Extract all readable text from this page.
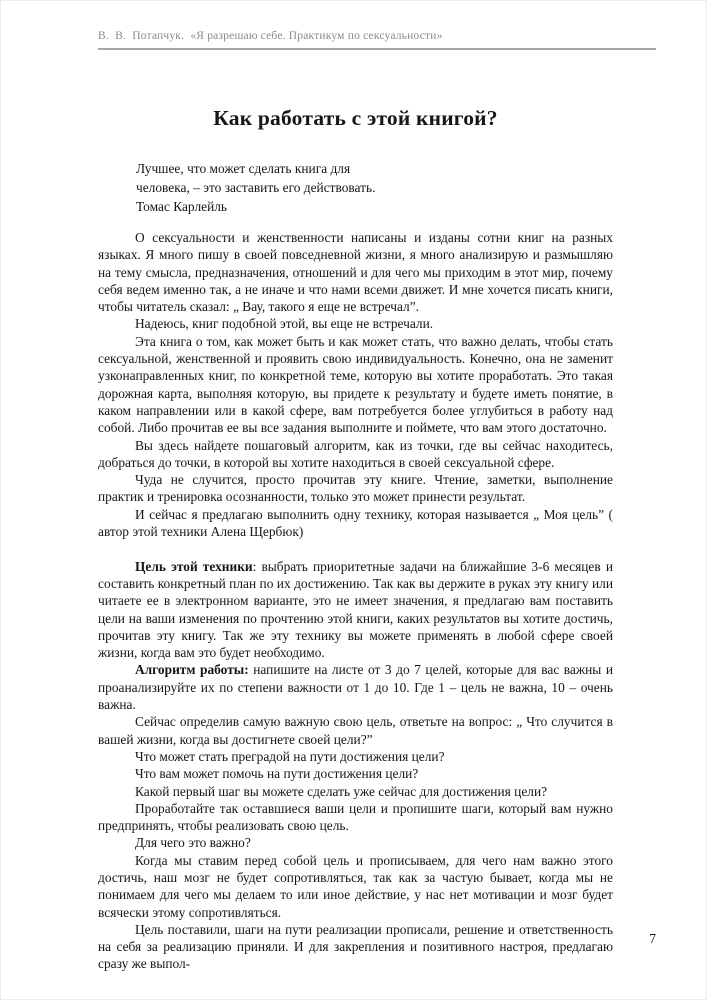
В.  В.  Потапчук.  «Я разрешаю себе. Практикум по сексуальности»
Как работать с этой книгой?
Лучшее, что может сделать книга для
человека, – это заставить его действовать.
Томас Карлейль

О сексуальности и женственности написаны и изданы сотни книг на разных языках. Я много пишу в своей повседневной жизни, я много анализирую и размышляю на тему смысла, предназначения, отношений и для чего мы приходим в этот мир, почему себя ведем именно так, а не иначе и что нами всеми движет. И мне хочется писать книги, чтобы читатель сказал: „ Вау, такого я еще не встречал”.

Надеюсь, книг подобной этой, вы еще не встречали.

Эта книга о том, как может быть и как может стать, что важно делать, чтобы стать сексуальной, женственной и проявить свою индивидуальность. Конечно, она не заменит узконаправленных книг, по конкретной теме, которую вы хотите проработать. Это такая дорожная карта, выполняя которую, вы придете к результату и будете иметь понятие, в каком направлении или в какой сфере, вам потребуется более углубиться в работу над собой. Либо прочитав ее вы все задания выполните и поймете, что вам этого достаточно.

Вы здесь найдете пошаговый алгоритм, как из точки, где вы сейчас находитесь, добраться до точки, в которой вы хотите находиться в своей сексуальной сфере.

Чуда не случится, просто прочитав эту книге. Чтение, заметки, выполнение практик и тренировка осознанности, только это может принести результат.

И сейчас я предлагаю выполнить одну технику, которая называется „ Моя цель” ( автор этой техники Алена Щербюк)

Цель этой техники: выбрать приоритетные задачи на ближайшие 3-6 месяцев и составить конкретный план по их достижению. Так как вы держите в руках эту книгу или читаете ее в электронном варианте, это не имеет значения, я предлагаю вам поставить цели на ваши изменения по прочтению этой книги, каких результатов вы хотите достичь, прочитав эту книгу. Так же эту технику вы можете применять в любой сфере своей жизни, когда вам это будет необходимо.

Алгоритм работы: напишите на листе от 3 до 7 целей, которые для вас важны и проанализируйте их по степени важности от 1 до 10. Где 1 – цель не важна, 10 – очень важна.

Сейчас определив самую важную свою цель, ответьте на вопрос: „ Что случится в вашей жизни, когда вы достигнете своей цели?”

Что может стать преградой на пути достижения цели?

Что вам может помочь на пути достижения цели?

Какой первый шаг вы можете сделать уже сейчас для достижения цели?

Проработайте так оставшиеся ваши цели и пропишите шаги, который вам нужно предпринять, чтобы реализовать свою цель.

Для чего это важно?

Когда мы ставим перед собой цель и прописываем, для чего нам важно этого достичь, наш мозг не будет сопротивляться, так как за частую бывает, когда мы не понимаем для чего мы делаем то или иное действие, у нас нет мотивации и мозг будет всячески этому сопротивляться.

Цель поставили, шаги на пути реализации прописали, решение и ответственность на себя за реализацию приняли. И для закрепления и позитивного настроя, предлагаю сразу же выпол-

7
